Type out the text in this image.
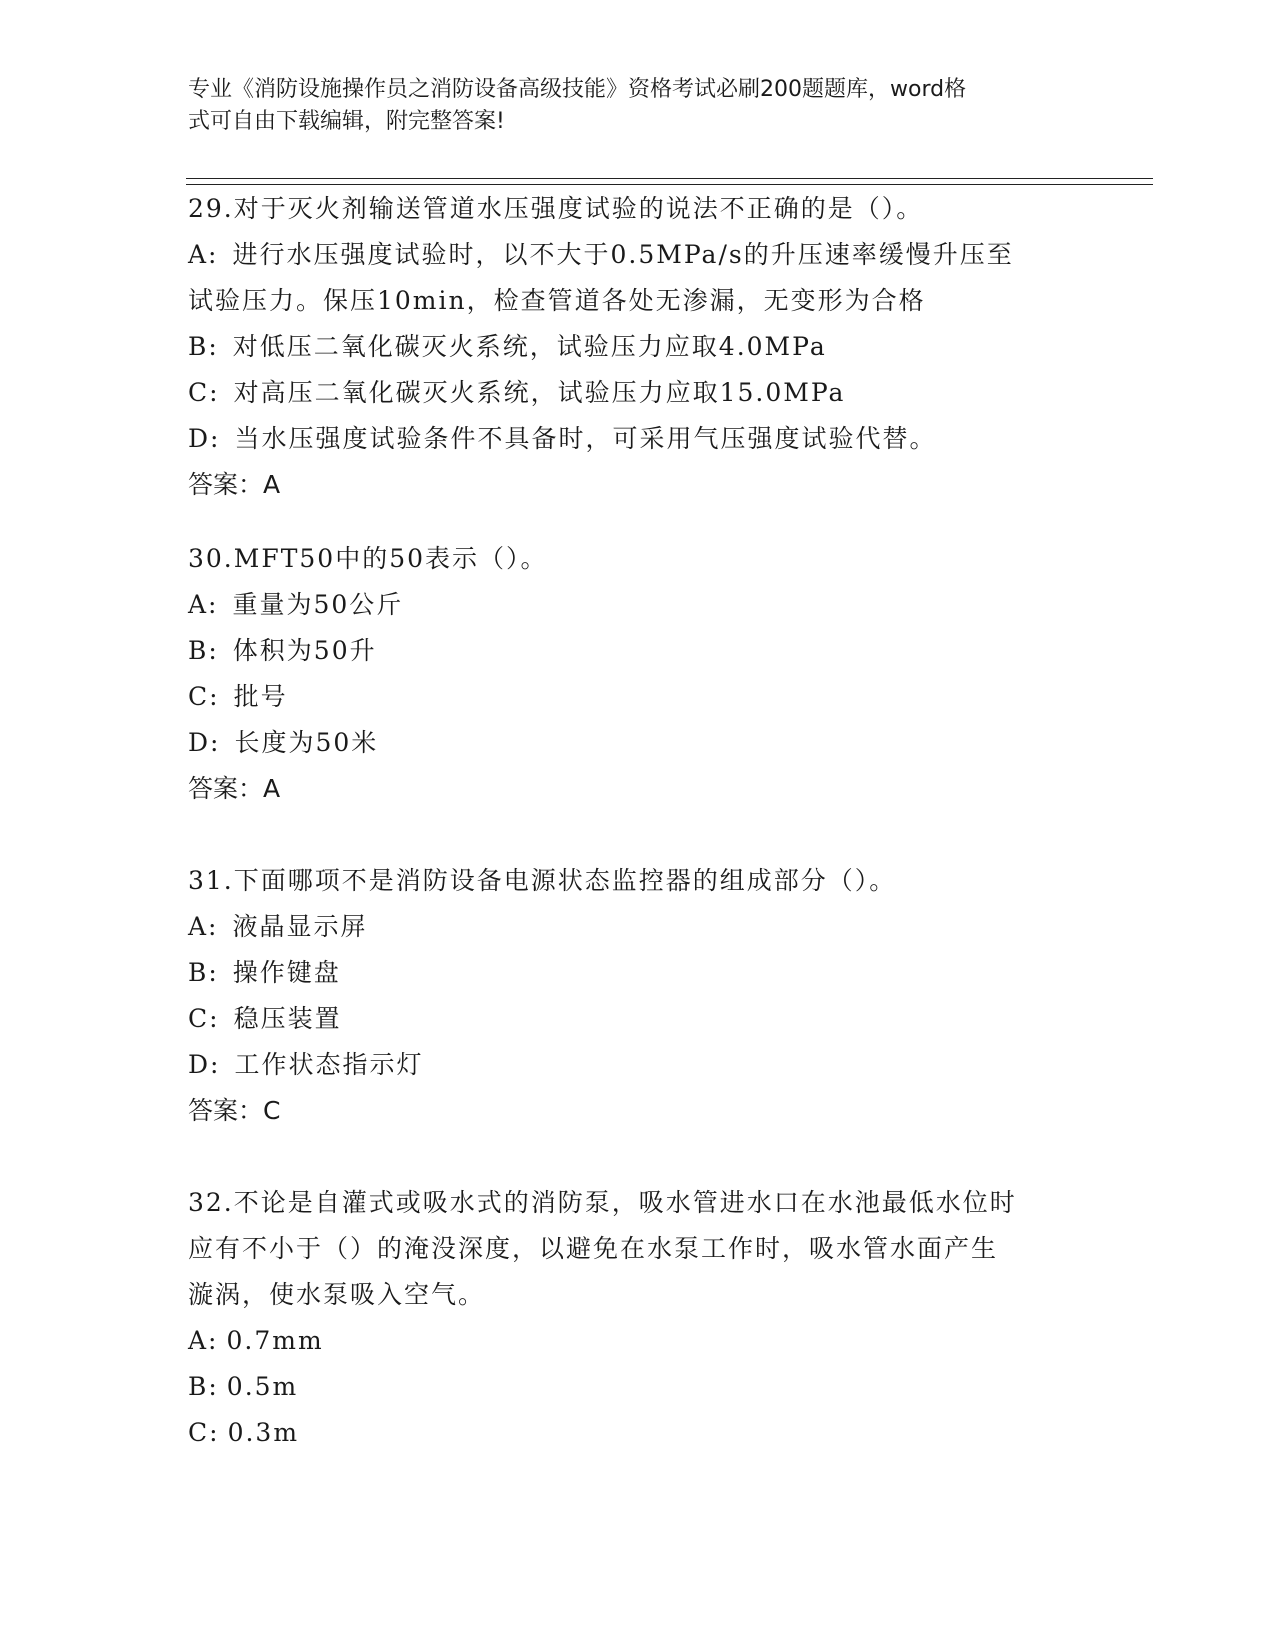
专业《消防设施操作员之消防设备高级技能》资格考试必刷200题题库，word格
式可自由下载编辑，附完整答案!
29.对于灭火剂输送管道水压强度试验的说法不正确的是（）。
A: 进行水压强度试验时，以不大于0.5MPa/s的升压速率缓慢升压至
试验压力。保压10min，检查管道各处无渗漏，无变形为合格
B: 对低压二氧化碳灭火系统，试验压力应取4.0MPa
C: 对高压二氧化碳灭火系统，试验压力应取15.0MPa
D: 当水压强度试验条件不具备时，可采用气压强度试验代替。
答案：A
30.MFT50中的50表示（）。
A: 重量为50公斤
B: 体积为50升
C: 批号
D: 长度为50米
答案：A
31.下面哪项不是消防设备电源状态监控器的组成部分（）。
A: 液晶显示屏
B: 操作键盘
C: 稳压装置
D: 工作状态指示灯
答案：C
32.不论是自灌式或吸水式的消防泵，吸水管进水口在水池最低水位时
应有不小于（）的淹没深度，以避免在水泵工作时，吸水管水面产生
漩涡，使水泵吸入空气。
A: 0.7mm
B: 0.5m
C: 0.3m
